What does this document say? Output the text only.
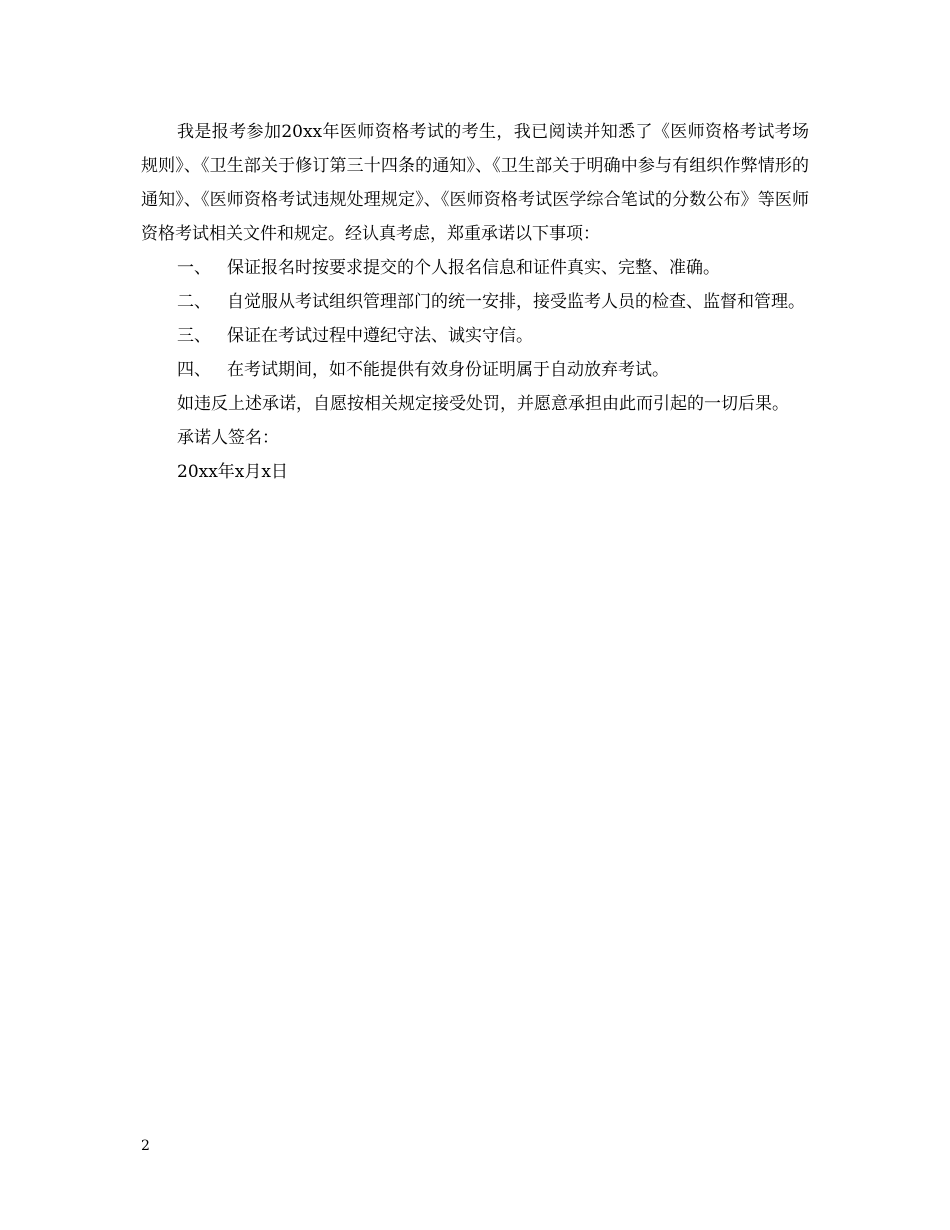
我是报考参加20xx年医师资格考试的考生，我已阅读并知悉了《医师资格考试考场规则》、《卫生部关于修订第三十四条的通知》、《卫生部关于明确中参与有组织作弊情形的通知》、《医师资格考试违规处理规定》、《医师资格考试医学综合笔试的分数公布》等医师资格考试相关文件和规定。经认真考虑，郑重承诺以下事项：

一、 保证报名时按要求提交的个人报名信息和证件真实、完整、准确。

二、 自觉服从考试组织管理部门的统一安排，接受监考人员的检查、监督和管理。

三、 保证在考试过程中遵纪守法、诚实守信。

四、 在考试期间，如不能提供有效身份证明属于自动放弃考试。

如违反上述承诺，自愿按相关规定接受处罚，并愿意承担由此而引起的一切后果。

承诺人签名：

20xx年x月x日

2
